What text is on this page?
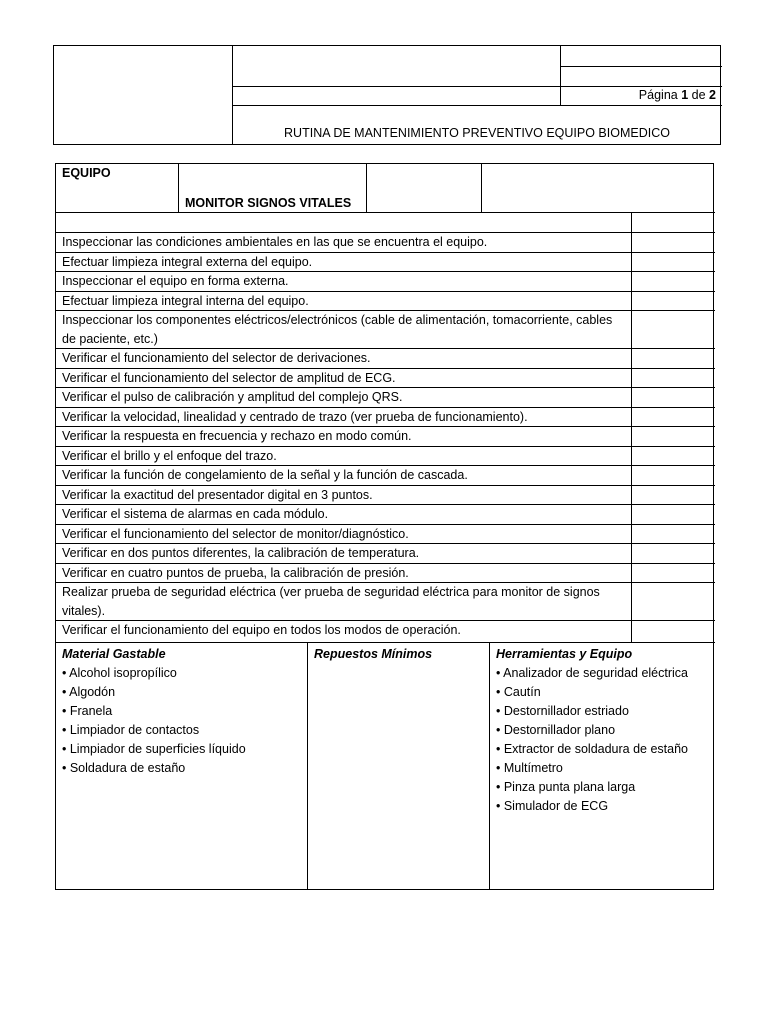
Página 1 de 2
RUTINA DE MANTENIMIENTO PREVENTIVO EQUIPO BIOMEDICO
EQUIPO
MONITOR SIGNOS VITALES
Inspeccionar las condiciones ambientales en las que se encuentra el equipo.
Efectuar limpieza integral externa del equipo.
Inspeccionar el equipo en forma externa.
Efectuar limpieza integral interna del equipo.
Inspeccionar los componentes eléctricos/electrónicos (cable de alimentación, tomacorriente, cables de paciente, etc.)
Verificar el funcionamiento del selector de derivaciones.
Verificar el funcionamiento del selector de amplitud de ECG.
Verificar el pulso de calibración y amplitud del complejo QRS.
Verificar la velocidad, linealidad y centrado de trazo (ver prueba de funcionamiento).
Verificar la respuesta en frecuencia y rechazo en modo común.
Verificar el brillo y el enfoque del trazo.
Verificar la función de congelamiento de la señal y la función de cascada.
Verificar la exactitud del presentador digital en 3 puntos.
Verificar el sistema de alarmas en cada módulo.
Verificar el funcionamiento del selector de monitor/diagnóstico.
Verificar en dos puntos diferentes, la calibración de temperatura.
Verificar en cuatro puntos de prueba, la calibración de presión.
Realizar prueba de seguridad eléctrica (ver prueba de seguridad eléctrica para monitor de signos vitales).
Verificar el funcionamiento del equipo en todos los modos de operación.
Material Gastable
• Alcohol isopropílico
• Algodón
• Franela
• Limpiador de contactos
• Limpiador de superficies líquido
• Soldadura de estaño
Repuestos Mínimos	Herramientas y Equipo
• Analizador de seguridad eléctrica
• Cautín
• Destornillador estriado
• Destornillador plano
• Extractor de soldadura de estaño
• Multímetro
• Pinza punta plana larga
• Simulador de ECG
